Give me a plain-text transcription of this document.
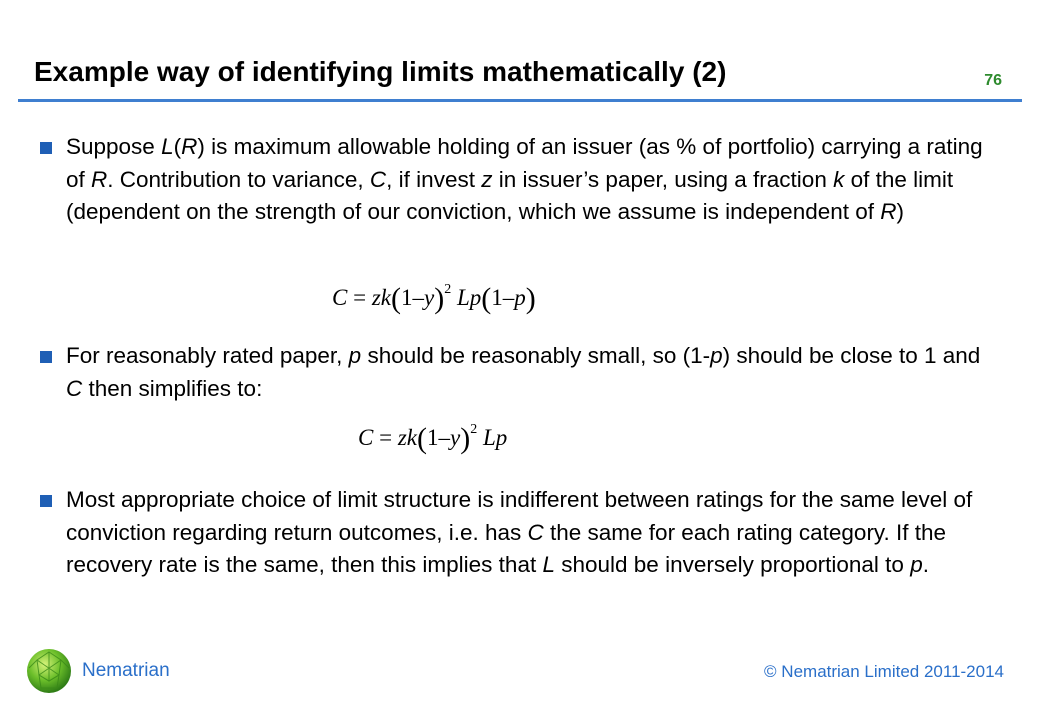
Example way of identifying limits mathematically (2)	76
Suppose L(R) is maximum allowable holding of an issuer (as % of portfolio) carrying a rating of R. Contribution to variance, C, if invest z in issuer’s paper, using a fraction k of the limit (dependent on the strength of our conviction, which we assume is independent of R)
$C = zk(1-y)^2$ Lp(1–p)
For reasonably rated paper, p should be reasonably small, so (1-p) should be close to 1 and C then simplifies to:
$C = zk(1-y)^2$ Lp
Most appropriate choice of limit structure is indifferent between ratings for the same level of conviction regarding return outcomes, i.e. has C the same for each rating category. If the recovery rate is the same, then this implies that L should be inversely proportional to p.
Nematrian	© Nematrian Limited 2011-2014
